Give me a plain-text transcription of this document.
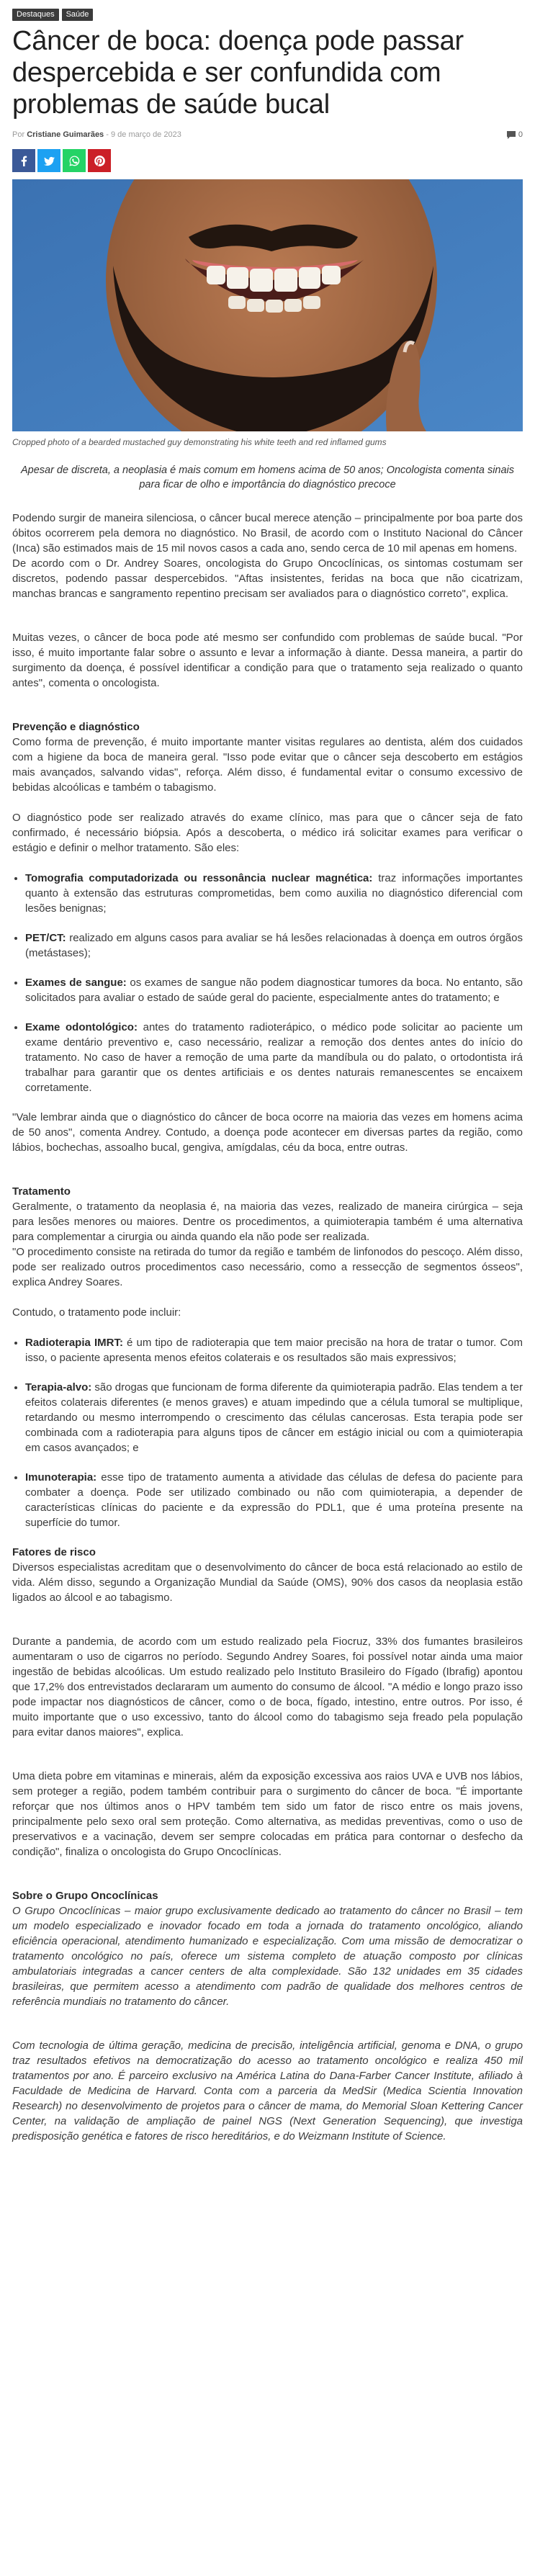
Destaques	Saúde
Câncer de boca: doença pode passar despercebida e ser confundida com problemas de saúde bucal
Por Cristiane Guimarães - 9 de março de 2023	0
Cropped photo of a bearded mustached guy demonstrating his white teeth and red inflamed gums
Apesar de discreta, a neoplasia é mais comum em homens acima de 50 anos; Oncologista comenta sinais para ficar de olho e importância do diagnóstico precoce

Podendo surgir de maneira silenciosa, o câncer bucal merece atenção – principalmente por boa parte dos óbitos ocorrerem pela demora no diagnóstico. No Brasil, de acordo com o Instituto Nacional do Câncer (Inca) são estimados mais de 15 mil novos casos a cada ano, sendo cerca de 10 mil apenas em homens.

De acordo com o Dr. Andrey Soares, oncologista do Grupo Oncoclínicas, os sintomas costumam ser discretos, podendo passar despercebidos. "Aftas insistentes, feridas na boca que não cicatrizam, manchas brancas e sangramento repentino precisam ser avaliados para o diagnóstico correto", explica.

Muitas vezes, o câncer de boca pode até mesmo ser confundido com problemas de saúde bucal. "Por isso, é muito importante falar sobre o assunto e levar a informação à diante. Dessa maneira, a partir do surgimento da doença, é possível identificar a condição para que o tratamento seja realizado o quanto antes", comenta o oncologista.

Prevenção e diagnóstico

Como forma de prevenção, é muito importante manter visitas regulares ao dentista, além dos cuidados com a higiene da boca de maneira geral. "Isso pode evitar que o câncer seja descoberto em estágios mais avançados, salvando vidas", reforça. Além disso, é fundamental evitar o consumo excessivo de bebidas alcoólicas e também o tabagismo.

O diagnóstico pode ser realizado através do exame clínico, mas para que o câncer seja de fato confirmado, é necessário biópsia. Após a descoberta, o médico irá solicitar exames para verificar o estágio e definir o melhor tratamento. São eles:

• Tomografia computadorizada ou ressonância nuclear magnética: traz informações importantes quanto à extensão das estruturas comprometidas, bem como auxilia no diagnóstico diferencial com lesões benignas;
• PET/CT: realizado em alguns casos para avaliar se há lesões relacionadas à doença em outros órgãos (metástases);
• Exames de sangue: os exames de sangue não podem diagnosticar tumores da boca. No entanto, são solicitados para avaliar o estado de saúde geral do paciente, especialmente antes do tratamento; e
• Exame odontológico: antes do tratamento radioterápico, o médico pode solicitar ao paciente um exame dentário preventivo e, caso necessário, realizar a remoção dos dentes antes do início do tratamento. No caso de haver a remoção de uma parte da mandíbula ou do palato, o ortodontista irá trabalhar para garantir que os dentes artificiais e os dentes naturais remanescentes se encaixem corretamente.

"Vale lembrar ainda que o diagnóstico do câncer de boca ocorre na maioria das vezes em homens acima de 50 anos", comenta Andrey. Contudo, a doença pode acontecer em diversas partes da região, como lábios, bochechas, assoalho bucal, gengiva, amígdalas, céu da boca, entre outras.

Tratamento

Geralmente, o tratamento da neoplasia é, na maioria das vezes, realizado de maneira cirúrgica – seja para lesões menores ou maiores. Dentre os procedimentos, a quimioterapia também é uma alternativa para complementar a cirurgia ou ainda quando ela não pode ser realizada.

"O procedimento consiste na retirada do tumor da região e também de linfonodos do pescoço. Além disso, pode ser realizado outros procedimentos caso necessário, como a ressecção de segmentos ósseos", explica Andrey Soares.

Contudo, o tratamento pode incluir:

• Radioterapia IMRT: é um tipo de radioterapia que tem maior precisão na hora de tratar o tumor. Com isso, o paciente apresenta menos efeitos colaterais e os resultados são mais expressivos;
• Terapia-alvo: são drogas que funcionam de forma diferente da quimioterapia padrão. Elas tendem a ter efeitos colaterais diferentes (e menos graves) e atuam impedindo que a célula tumoral se multiplique, retardando ou mesmo interrompendo o crescimento das células cancerosas. Esta terapia pode ser combinada com a radioterapia para alguns tipos de câncer em estágio inicial ou com a quimioterapia em casos avançados; e
• Imunoterapia: esse tipo de tratamento aumenta a atividade das células de defesa do paciente para combater a doença. Pode ser utilizado combinado ou não com quimioterapia, a depender de características clínicas do paciente e da expressão do PDL1, que é uma proteína presente na superfície do tumor.
Fatores de risco

Diversos especialistas acreditam que o desenvolvimento do câncer de boca está relacionado ao estilo de vida. Além disso, segundo a Organização Mundial da Saúde (OMS), 90% dos casos da neoplasia estão ligados ao álcool e ao tabagismo.

Durante a pandemia, de acordo com um estudo realizado pela Fiocruz, 33% dos fumantes brasileiros aumentaram o uso de cigarros no período. Segundo Andrey Soares, foi possível notar ainda uma maior ingestão de bebidas alcoólicas. Um estudo realizado pelo Instituto Brasileiro do Fígado (Ibrafig) apontou que 17,2% dos entrevistados declararam um aumento do consumo de álcool. "A médio e longo prazo isso pode impactar nos diagnósticos de câncer, como o de boca, fígado, intestino, entre outros. Por isso, é muito importante que o uso excessivo, tanto do álcool como do tabagismo seja freado pela população para evitar danos maiores", explica.

Uma dieta pobre em vitaminas e minerais, além da exposição excessiva aos raios UVA e UVB nos lábios, sem proteger a região, podem também contribuir para o surgimento do câncer de boca. "É importante reforçar que nos últimos anos o HPV também tem sido um fator de risco entre os mais jovens, principalmente pelo sexo oral sem proteção. Como alternativa, as medidas preventivas, como o uso de preservativos e a vacinação, devem ser sempre colocadas em prática para contornar o desfecho da condição", finaliza o oncologista do Grupo Oncoclínicas.

Sobre o Grupo Oncoclínicas

O Grupo Oncoclínicas – maior grupo exclusivamente dedicado ao tratamento do câncer no Brasil – tem um modelo especializado e inovador focado em toda a jornada do tratamento oncológico, aliando eficiência operacional, atendimento humanizado e especialização. Com uma missão de democratizar o tratamento oncológico no país, oferece um sistema completo de atuação composto por clínicas ambulatoriais integradas a cancer centers de alta complexidade. São 132 unidades em 35 cidades brasileiras, que permitem acesso a atendimento com padrão de qualidade dos melhores centros de referência mundiais no tratamento do câncer.

Com tecnologia de última geração, medicina de precisão, inteligência artificial, genoma e DNA, o grupo traz resultados efetivos na democratização do acesso ao tratamento oncológico e realiza 450 mil tratamentos por ano. É parceiro exclusivo na América Latina do Dana-Farber Cancer Institute, afiliado à Faculdade de Medicina de Harvard. Conta com a parceria da MedSir (Medica Scientia Innovation Research) no desenvolvimento de projetos para o câncer de mama, do Memorial Sloan Kettering Cancer Center, na validação de ampliação de painel NGS (Next Generation Sequencing), que investiga predisposição genética e fatores de risco hereditários, e do Weizmann Institute of Science.
